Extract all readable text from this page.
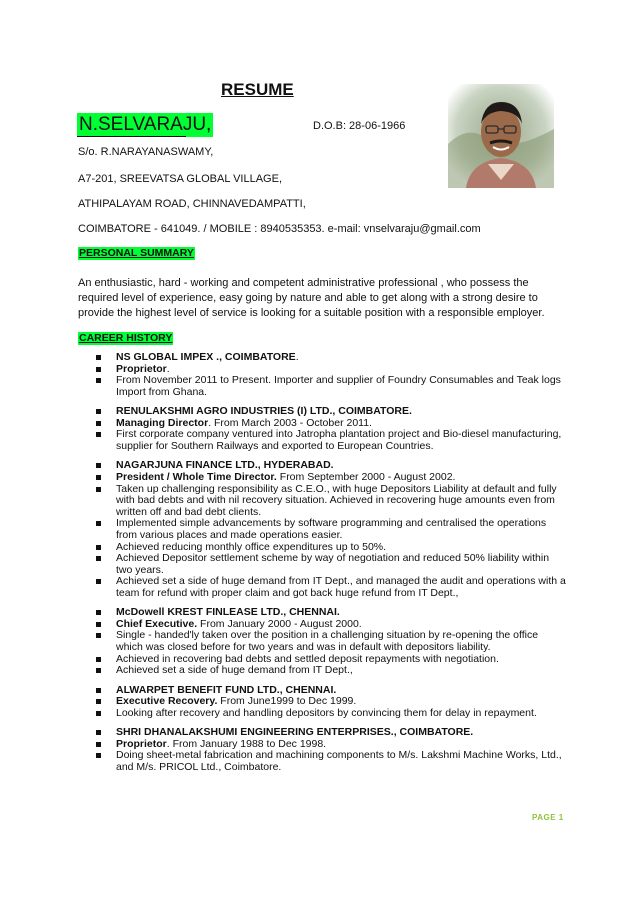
RESUME
N.SELVARAJU,	D.O.B: 28-06-1966
S/o. R.NARAYANASWAMY,
A7-201, SREEVATSA GLOBAL VILLAGE,
ATHIPALAYAM ROAD, CHINNAVEDAMPATTI,
COIMBATORE - 641049. / MOBILE : 8940535353. e-mail: vnselvaraju@gmail.com
PERSONAL SUMMARY
An enthusiastic, hard - working and competent administrative professional , who possess the required level of experience, easy going by nature and able to get along with a strong desire to provide the highest level of service is looking for a suitable position with a responsible employer.
CAREER HISTORY
NS GLOBAL IMPEX ., COIMBATORE.
Proprietor.
From November 2011 to Present. Importer and supplier of Foundry Consumables and Teak logs Import from Ghana.
RENULAKSHMI AGRO INDUSTRIES (I) LTD., COIMBATORE.
Managing Director. From March 2003 - October 2011.
First corporate company ventured into Jatropha plantation project and Bio-diesel manufacturing, supplier for Southern Railways and exported to European Countries.
NAGARJUNA FINANCE LTD., HYDERABAD.
President / Whole Time Director. From September 2000 - August 2002.
Taken up challenging responsibility as C.E.O., with huge Depositors Liability at default and fully with bad debts and with nil recovery situation. Achieved in recovering huge amounts even from written off and bad debt clients.
Implemented simple advancements by software programming and centralised the operations from various places and made operations easier.
Achieved reducing monthly office expenditures up to 50%.
Achieved Depositor settlement scheme by way of negotiation and reduced 50% liability within two years.
Achieved set a side of huge demand from IT Dept., and managed the audit and operations with a team for refund with proper claim and got back huge refund from IT Dept.,
McDowell KREST FINLEASE LTD., CHENNAI.
Chief Executive. From January 2000 - August 2000.
Single - handed'ly taken over the position in a challenging situation by re-opening the office which was closed before for two years and was in default with depositors liability.
Achieved in recovering bad debts and settled deposit repayments with negotiation.
Achieved set a side of huge demand from IT Dept.,
ALWARPET BENEFIT FUND LTD., CHENNAI.
Executive Recovery. From June1999 to Dec 1999.
Looking after recovery and handling depositors by convincing them for delay in repayment.
SHRI DHANALAKSHUMI ENGINEERING ENTERPRISES., COIMBATORE.
Proprietor. From January 1988 to Dec 1998.
Doing sheet-metal fabrication and machining components to M/s. Lakshmi Machine Works, Ltd., and M/s. PRICOL Ltd., Coimbatore.
PAGE 1
